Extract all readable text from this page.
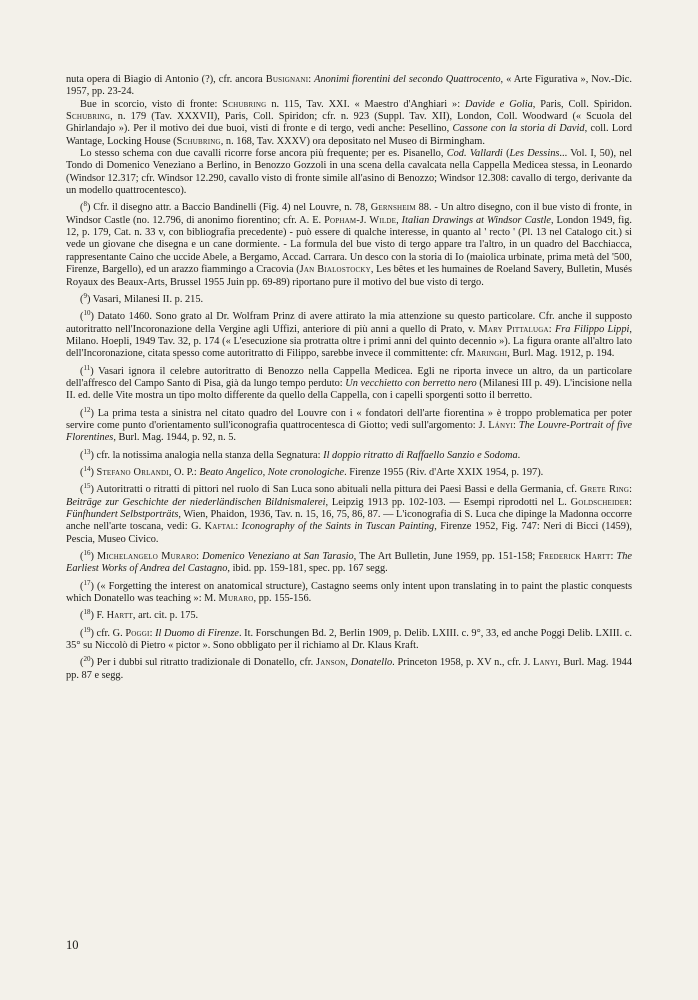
nuta opera di Biagio di Antonio (?), cfr. ancora Busignani: Anonimi fiorentini del secondo Quattrocento, « Arte Figurativa », Nov.-Dic. 1957, pp. 23-24.

Bue in scorcio, visto di fronte: Schubring n. 115, Tav. XXI. « Maestro d'Anghiari »: Davide e Golia, Paris, Coll. Spiridon. Schubring, n. 179 (Tav. XXXVII), Paris, Coll. Spiridon; cfr. n. 923 (Suppl. Tav. XII), London, Coll. Woodward (« Scuola del Ghirlandajo »). Per il motivo dei due buoi, visti di fronte e di tergo, vedi anche: Pesellino, Cassone con la storia di David, coll. Lord Wantage, Locking House (Schubring, n. 168, Tav. XXXV) ora depositato nel Museo di Birmingham.

Lo stesso schema con due cavalli ricorre forse ancora più frequente; per es. Pisanello, Cod. Vallardi (Les Dessins... Vol. I, 50), nel Tondo di Domenico Veneziano a Berlino, in Benozzo Gozzoli in una scena della cavalcata nella Cappella Medicea stessa, in Leonardo (Windsor 12.317; cfr. Windsor 12.290, cavallo visto di fronte simile all'asino di Benozzo; Windsor 12.308: cavallo di tergo, derivante da un modello quattrocentesco).

($^8$) Cfr. il disegno attr. a Baccio Bandinelli (Fig. 4) nel Louvre, n. 78, Gernsheim 88. - Un altro disegno, con il bue visto di fronte, in Windsor Castle (no. 12.796, di anonimo fiorentino; cfr. A. E. Popham-J. Wilde, Italian Drawings at Windsor Castle, London 1949, fig. 12, p. 179, Cat. n. 33 v, con bibliografia precedente) - può essere di qualche interesse, in quanto al ' recto ' (Pl. 13 nel Catalogo cit.) si vede un giovane che disegna e un cane dormiente. - La formula del bue visto di tergo appare tra l'altro, in un quadro del Bacchiacca, rappresentante Caino che uccide Abele, a Bergamo, Accad. Carrara. Un desco con la storia di Io (maiolica urbinate, prima metà del '500, Firenze, Bargello), ed un arazzo fiammingo a Cracovia (Jan Bialostocky, Les bêtes et les humaines de Roeland Savery, Bulletin, Musés Royaux des Beaux-Arts, Brussel 1955 Juin pp. 69-89) riportano pure il motivo del bue visto di tergo.

($^9$) Vasari, Milanesi II. p. 215.

($^{10}$) Datato 1460. Sono grato al Dr. Wolfram Prinz di avere attirato la mia attenzione su questo particolare. Cfr. anche il supposto autoritratto nell'Incoronazione della Vergine agli Uffizi, anteriore di più anni a quello di Prato, v. Mary Pittaluga: Fra Filippo Lippi, Milano. Hoepli, 1949 Tav. 32, p. 174 (« L'esecuzione sia protratta oltre i primi anni del quinto decennio »). La figura orante all'altro lato dell'Incoronazione, citata spesso come autoritratto di Filippo, sarebbe invece il committente: cfr. Maringhi, Burl. Mag. 1912, p. 194.

($^{11}$) Vasari ignora il celebre autoritratto di Benozzo nella Cappella Medicea. Egli ne riporta invece un altro, da un particolare dell'affresco del Campo Santo di Pisa, già da lungo tempo perduto: Un vecchietto con berretto nero (Milanesi III p. 49). L'incisione nella II. ed. delle Vite mostra un tipo molto differente da quello della Cappella, con i capelli sporgenti sotto il berretto.

($^{12}$) La prima testa a sinistra nel citato quadro del Louvre con i « fondatori dell'arte fiorentina » è troppo problematica per poter servire come punto d'orientamento sull'iconografia quattrocentesca di Giotto; vedi sull'argomento: J. Lányi: The Louvre-Portrait of five Florentines, Burl. Mag. 1944, p. 92, n. 5.

($^{13}$) cfr. la notissima analogia nella stanza della Segnatura: Il doppio ritratto di Raffaello Sanzio e Sodoma.

($^{14}$) Stefano Orlandi, O. P.: Beato Angelico, Note cronologiche. Firenze 1955 (Riv. d'Arte XXIX 1954, p. 197).

($^{15}$) Autoritratti o ritratti di pittori nel ruolo di San Luca sono abituali nella pittura dei Paesi Bassi e della Germania, cf. Grete Ring: Beiträge zur Geschichte der niederländischen Bildnismalerei, Leipzig 1913 pp. 102-103. — Esempi riprodotti nel L. Goldscheider: Fünfhundert Selbstporträts, Wien, Phaidon, 1936, Tav. n. 15, 16, 75, 86, 87. — L'iconografia di S. Luca che dipinge la Madonna occorre anche nell'arte toscana, vedi: G. Kaftal: Iconography of the Saints in Tuscan Painting, Firenze 1952, Fig. 747: Neri di Bicci (1459), Pescia, Museo Civico.

($^{16}$) Michelangelo Muraro: Domenico Veneziano at San Tarasio, The Art Bulletin, June 1959, pp. 151-158; Frederick Hartt: The Earliest Works of Andrea del Castagno, ibid. pp. 159-181, spec. pp. 167 segg.

($^{17}$) (« Forgetting the interest on anatomical structure), Castagno seems only intent upon translating in to paint the plastic conquests which Donatello was teaching »: M. Muraro, pp. 155-156.

($^{18}$) F. Hartt, art. cit. p. 175.

($^{19}$) cfr. G. Poggi: Il Duomo di Firenze. It. Forschungen Bd. 2, Berlin 1909, p. Delib. LXIII. c. 9°, 33, ed anche Poggi Delib. LXIII. c. 35° su Niccolò di Pietro « pictor ». Sono obbligato per il richiamo al Dr. Klaus Kraft.

($^{20}$) Per i dubbi sul ritratto tradizionale di Donatello, cfr. Janson, Donatello. Princeton 1958, p. XV n., cfr. J. Lanyi, Burl. Mag. 1944 pp. 87 e segg.

10
